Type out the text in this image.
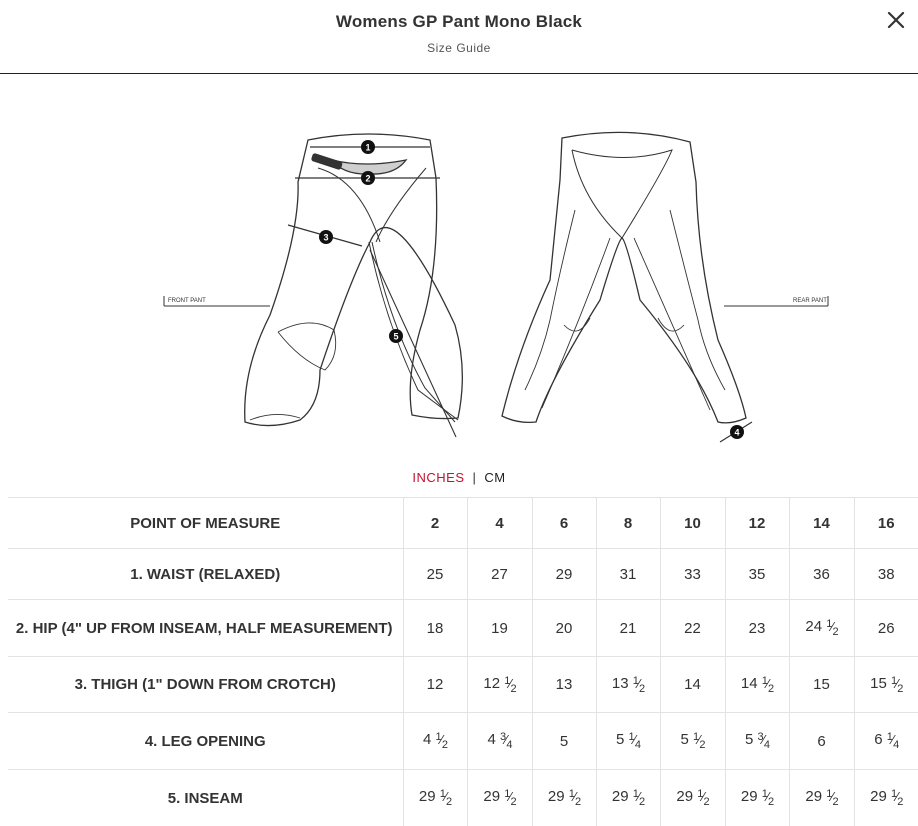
Womens GP Pant Mono Black
Size Guide
FRONT PANT	REAR PANT
1
2
3
5
4
INCHES | CM
POINT OF MEASURE	2	4	6	8	10	12	14	16
1. WAIST (RELAXED)	25	27	29	31	33	35	36	38
2. HIP (4" UP FROM INSEAM, HALF MEASUREMENT)	18	19	20	21	22	23	24 $^1⁄_2$	26
3. THIGH (1" DOWN FROM CROTCH)	12	12 $^1⁄_2$	13	13 $^1⁄_2$	14	14 $^1⁄_2$	15	15 $^1⁄_2$
4. LEG OPENING	4 $^1⁄_2$	4 $^3⁄_4$	5	5 $^1⁄_4$	5 $^1⁄_2$	5 $^3⁄_4$	6	6 $^1⁄_4$
5. INSEAM	29 $^1⁄_2$	29 $^1⁄_2$	29 $^1⁄_2$	29 $^1⁄_2$	29 $^1⁄_2$	29 $^1⁄_2$	29 $^1⁄_2$	29 $^1⁄_2$
